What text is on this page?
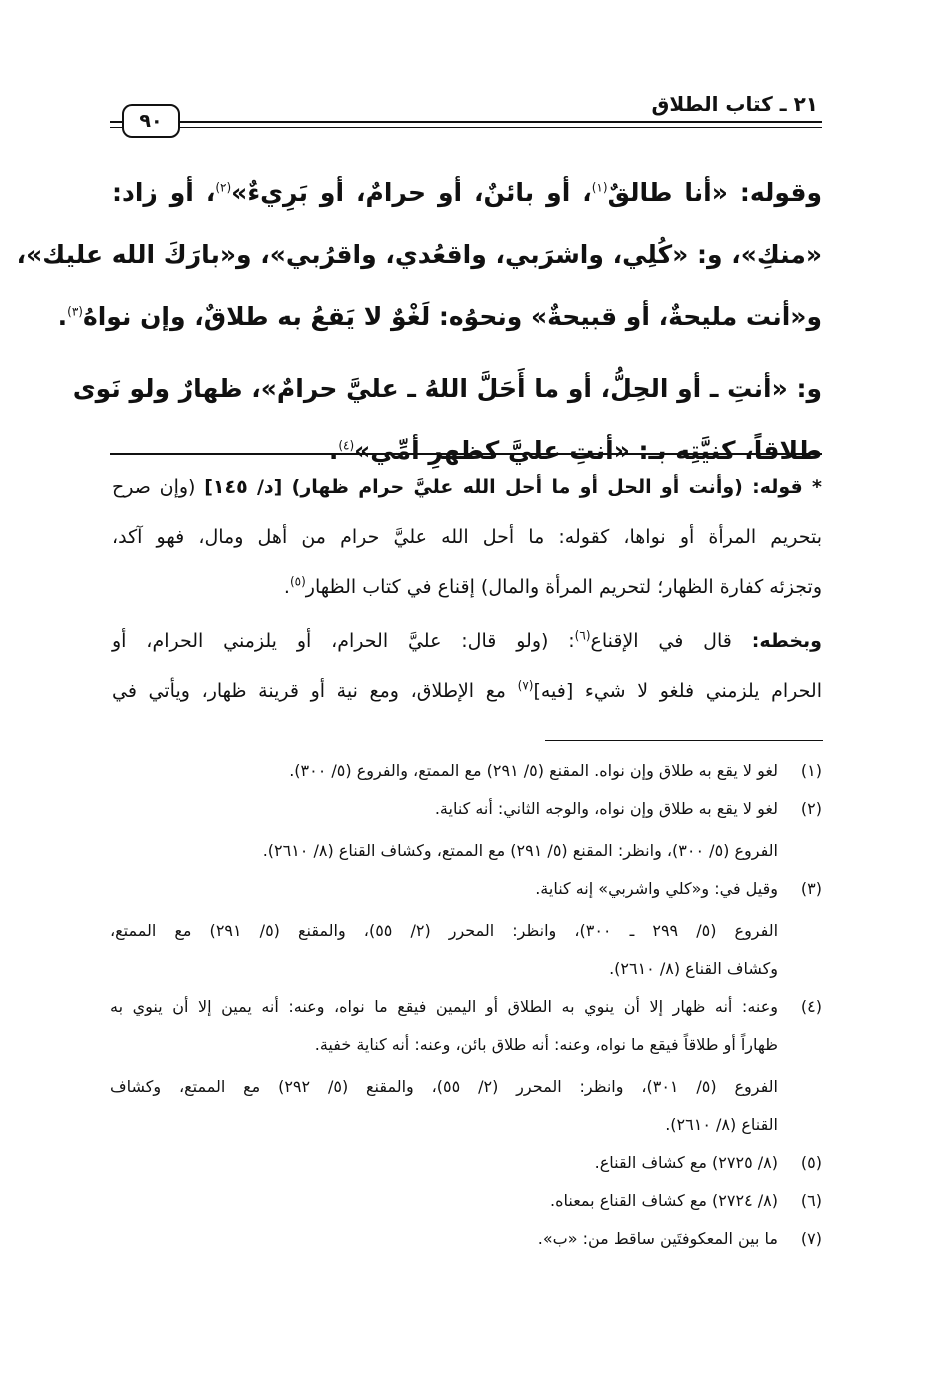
٩٠
٢١ ـ كتاب الطلاق
وقوله: «أنا طالقٌ$^{(١)}$، أو بائنٌ، أو حرامٌ، أو بَرِيءٌ»$^{(٢)}$، أو زاد:
«منكِ»، و: «كُلِي، واشرَبي، واقعُدي، واقرُبي»، و«بارَكَ الله عليك»،
و«أنت مليحةٌ، أو قبيحةٌ» ونحوُه: لَغْوٌ لا يَقعُ به طلاقٌ، وإن نواهُ$^{(٣)}$.
و: «أنتِ ـ أو الحِلُّ، أو ما أَحَلَّ اللهُ ـ عليَّ حرامٌ»، ظهارٌ ولو نَوى
طلاقاً، كنيَّتِه بـ: «أنتِ عليَّ كظهرِ أمِّي»$^{(٤)}$.
* قوله: (وأنت أو الحل أو ما أحل الله عليَّ حرام ظهار) [د/ ١٤٥] (وإن صرح
بتحريم المرأة أو نواها، كقوله: ما أحل الله عليَّ حرام من أهل ومال، فهو آكد،
وتجزئه كفارة الظهار؛ لتحريم المرأة والمال) إقناع في كتاب الظهار$^{(٥)}$.
وبخطه: قال في الإقناع$^{(٦)}$: (ولو قال: عليَّ الحرام، أو يلزمني الحرام، أو
الحرام يلزمني فلغو لا شيء [فيه]$^{(٧)}$ مع الإطلاق، ومع نية أو قرينة ظهار، ويأتي في
(١)
لغو لا يقع به طلاق وإن نواه. المقنع (٥/ ٢٩١) مع الممتع، والفروع (٥/ ٣٠٠).
(٢)
لغو لا يقع به طلاق وإن نواه، والوجه الثاني: أنه كناية.
الفروع (٥/ ٣٠٠)، وانظر: المقنع (٥/ ٢٩١) مع الممتع، وكشاف القناع (٨/ ٢٦١٠).
(٣)
وقيل في: و«كلي واشربي» إنه كناية.
الفروع (٥/ ٢٩٩ ـ ٣٠٠)، وانظر: المحرر (٢/ ٥٥)، والمقنع (٥/ ٢٩١) مع الممتع،
وكشاف القناع (٨/ ٢٦١٠).
(٤)
وعنه: أنه ظهار إلا أن ينوي به الطلاق أو اليمين فيقع ما نواه، وعنه: أنه يمين إلا أن ينوي به
ظهاراً أو طلاقاً فيقع ما نواه، وعنه: أنه طلاق بائن، وعنه: أنه كناية خفية.
الفروع (٥/ ٣٠١)، وانظر: المحرر (٢/ ٥٥)، والمقنع (٥/ ٢٩٢) مع الممتع، وكشاف
القناع (٨/ ٢٦١٠).
(٥)
(٨/ ٢٧٢٥) مع كشاف القناع.
(٦)
(٨/ ٢٧٢٤) مع كشاف القناع بمعناه.
(٧)
ما بين المعكوفتَين ساقط من: «ب».
